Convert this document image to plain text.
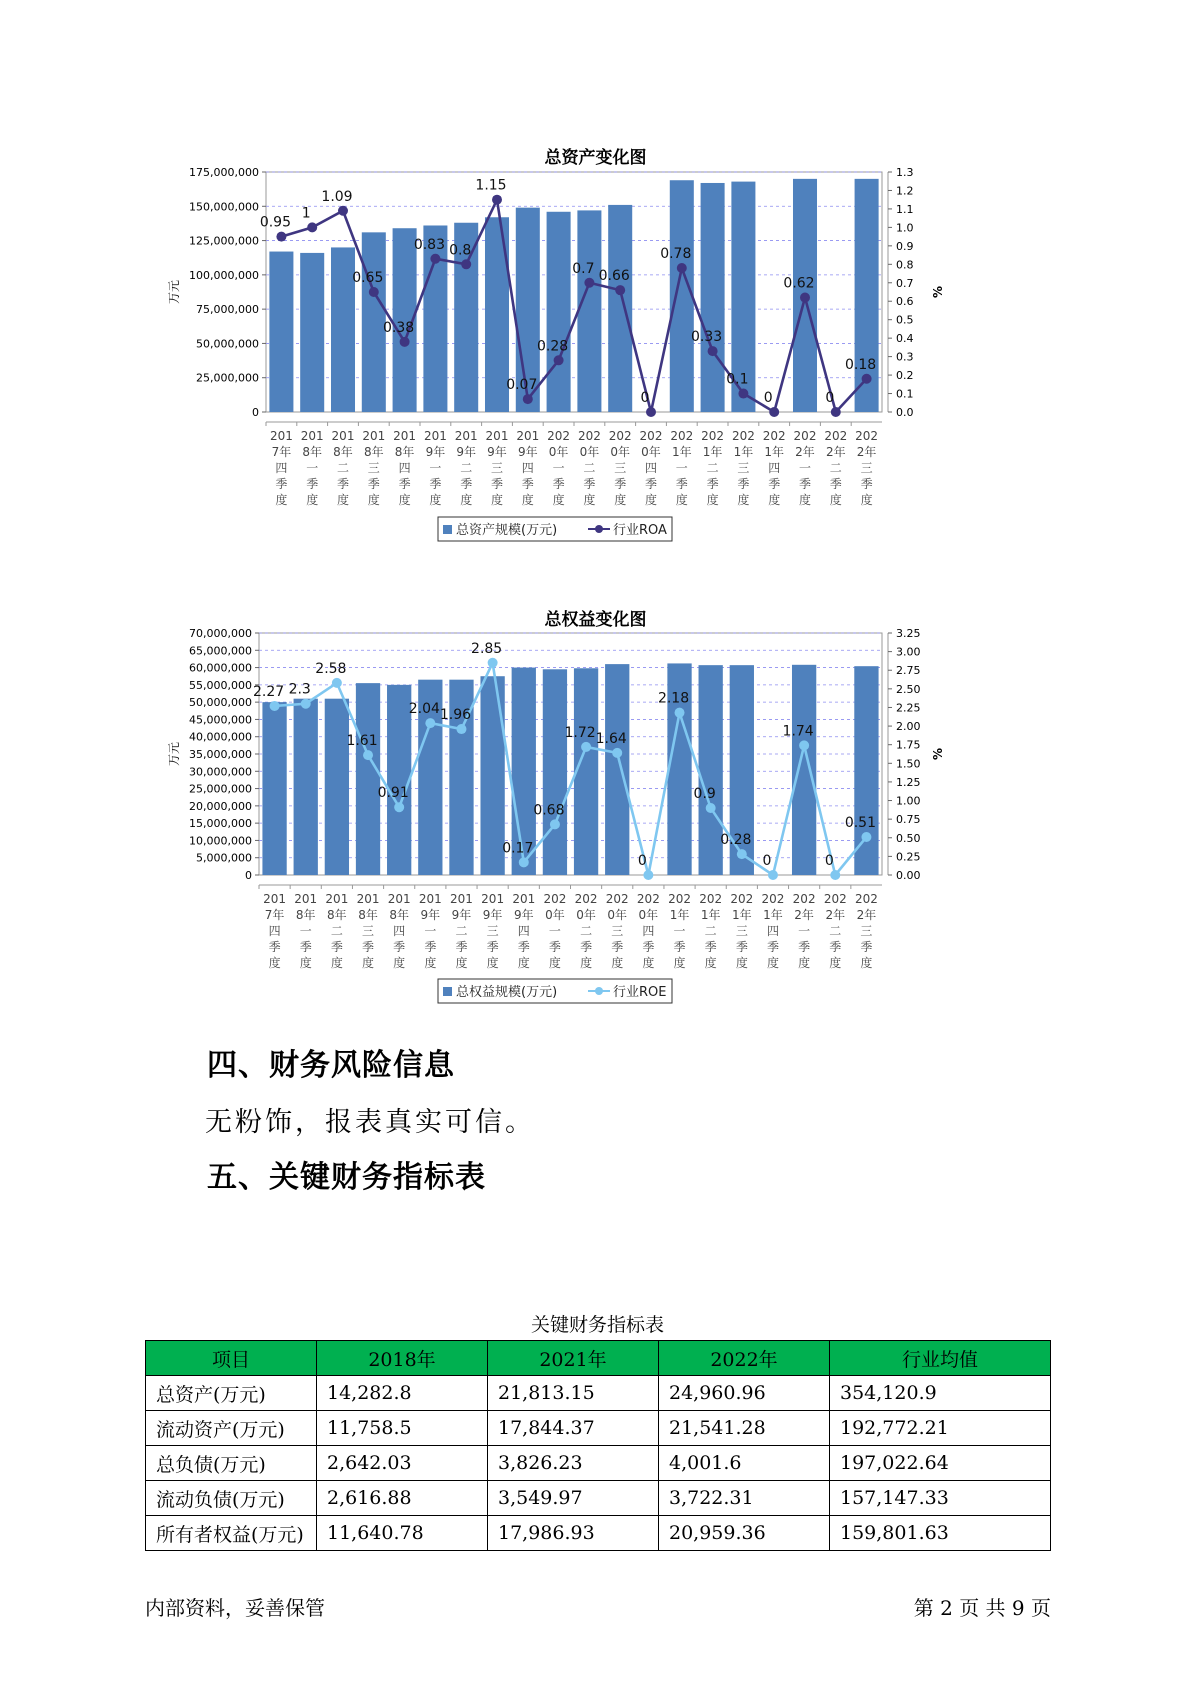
总资产变化图
0
25,000,000
50,000,000
75,000,000
100,000,000
125,000,000
150,000,000
175,000,000
0.0
0.1
0.2
0.3
0.4
0.5
0.6
0.7
0.8
0.9
1.0
1.1
1.2
1.3
万元	%
201 7年四季度
201 8年一季度
201 8年二季度
201 8年三季度
201 8年四季度
201 9年一季度
201 9年二季度
201 9年三季度
201 9年四季度
202 0年一季度
202 0年二季度
202 0年三季度
202 0年四季度
202 1年一季度
202 1年二季度
202 1年三季度
202 1年四季度
202 2年一季度
202 2年二季度
202 2年三季度
0.95
1
1.09
0.65
0.38
0.83 0.8
1.15
0.07
0.28
0.7 0.66
0
0.78
0.33
0.1
0
0.62
0
0.18
总资产规模(万元)	行业ROA
总权益变化图
0
5,000,000
10,000,000
15,000,000
20,000,000
25,000,000
30,000,000
35,000,000
40,000,000
45,000,000
50,000,000
55,000,000
60,000,000
65,000,000
70,000,000
0.00
0.25
0.50
0.75
1.00
1.25
1.50
1.75
2.00
2.25
2.50
2.75
3.00
3.25
万元	%
201 7年四季度
201 8年一季度
201 8年二季度
201 8年三季度
201 8年四季度
201 9年一季度
201 9年二季度
201 9年三季度
201 9年四季度
202 0年一季度
202 0年二季度
202 0年三季度
202 0年四季度
202 1年一季度
202 1年二季度
202 1年三季度
202 1年四季度
202 2年一季度
202 2年二季度
202 2年三季度
2.27 2.3
2.58
1.61
0.91
2.04 1.96
2.85
0.17
0.68
1.72 1.64
0
2.18
0.9
0.28
0
1.74
0
0.51
总权益规模(万元)	行业ROE
四、财务风险信息
无粉饰，报表真实可信。
五、关键财务指标表
关键财务指标表
项目	2018年	2021年	2022年	行业均值
总资产(万元)	14,282.8	21,813.15	24,960.96	354,120.9
流动资产(万元)	11,758.5	17,844.37	21,541.28	192,772.21
总负债(万元)	2,642.03	3,826.23	4,001.6	197,022.64
流动负债(万元)	2,616.88	3,549.97	3,722.31	157,147.33
所有者权益(万元)	11,640.78	17,986.93	20,959.36	159,801.63
内部资料，妥善保管	第 2 页 共 9 页
